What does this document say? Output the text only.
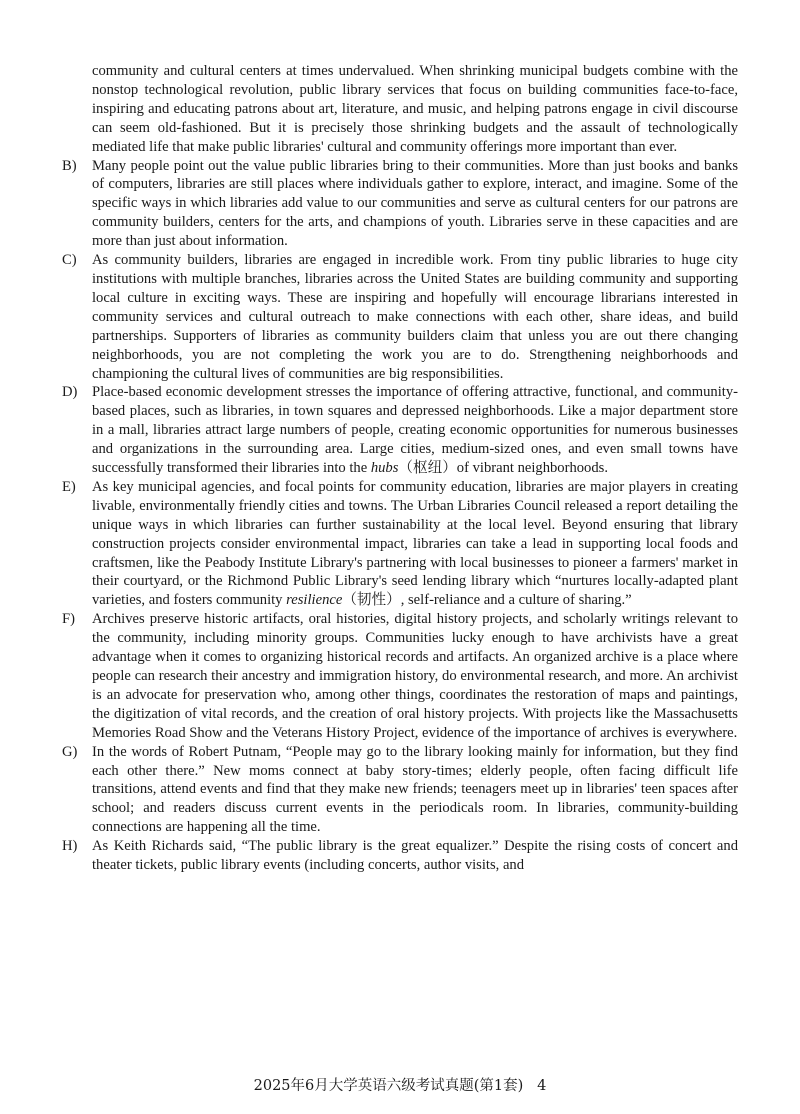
community and cultural centers at times undervalued. When shrinking municipal budgets combine with the nonstop technological revolution, public library services that focus on building communities face-to-face, inspiring and educating patrons about art, literature, and music, and helping patrons engage in civil discourse can seem old-fashioned. But it is precisely those shrinking budgets and the assault of technologically mediated life that make public libraries' cultural and community offerings more important than ever.

B) Many people point out the value public libraries bring to their communities. More than just books and banks of computers, libraries are still places where individuals gather to explore, interact, and imagine. Some of the specific ways in which libraries add value to our communities and serve as cultural centers for our patrons are community builders, centers for the arts, and champions of youth. Libraries serve in these capacities and are more than just about information.

C) As community builders, libraries are engaged in incredible work. From tiny public libraries to huge city institutions with multiple branches, libraries across the United States are building community and supporting local culture in exciting ways. These are inspiring and hopefully will encourage librarians interested in community services and cultural outreach to make connections with each other, share ideas, and build partnerships. Supporters of libraries as community builders claim that unless you are out there changing neighborhoods, you are not completing the work you are to do. Strengthening neighborhoods and championing the cultural lives of communities are big responsibilities.

D) Place-based economic development stresses the importance of offering attractive, functional, and community-based places, such as libraries, in town squares and depressed neighborhoods. Like a major department store in a mall, libraries attract large numbers of people, creating economic opportunities for numerous businesses and organizations in the surrounding area. Large cities, medium-sized ones, and even small towns have successfully transformed their libraries into the hubs（枢纽）of vibrant neighborhoods.

E) As key municipal agencies, and focal points for community education, libraries are major players in creating livable, environmentally friendly cities and towns. The Urban Libraries Council released a report detailing the unique ways in which libraries can further sustainability at the local level. Beyond ensuring that library construction projects consider environmental impact, libraries can take a lead in supporting local foods and craftsmen, like the Peabody Institute Library's partnering with local businesses to pioneer a farmers' market in their courtyard, or the Richmond Public Library's seed lending library which “nurtures locally-adapted plant varieties, and fosters community resilience（韧性）, self-reliance and a culture of sharing.”

F) Archives preserve historic artifacts, oral histories, digital history projects, and scholarly writings relevant to the community, including minority groups. Communities lucky enough to have archivists have a great advantage when it comes to organizing historical records and artifacts. An organized archive is a place where people can research their ancestry and immigration history, do environmental research, and more. An archivist is an advocate for preservation who, among other things, coordinates the restoration of maps and paintings, the digitization of vital records, and the creation of oral history projects. With projects like the Massachusetts Memories Road Show and the Veterans History Project, evidence of the importance of archives is everywhere.

G) In the words of Robert Putnam, “People may go to the library looking mainly for information, but they find each other there.” New moms connect at baby story-times; elderly people, often facing difficult life transitions, attend events and find that they make new friends; teenagers meet up in libraries' teen spaces after school; and readers discuss current events in the periodicals room. In libraries, community-building connections are happening all the time.

H) As Keith Richards said, “The public library is the great equalizer.” Despite the rising costs of concert and theater tickets, public library events (including concerts, author visits, and

2025年6月大学英语六级考试真题(第1套) 4
